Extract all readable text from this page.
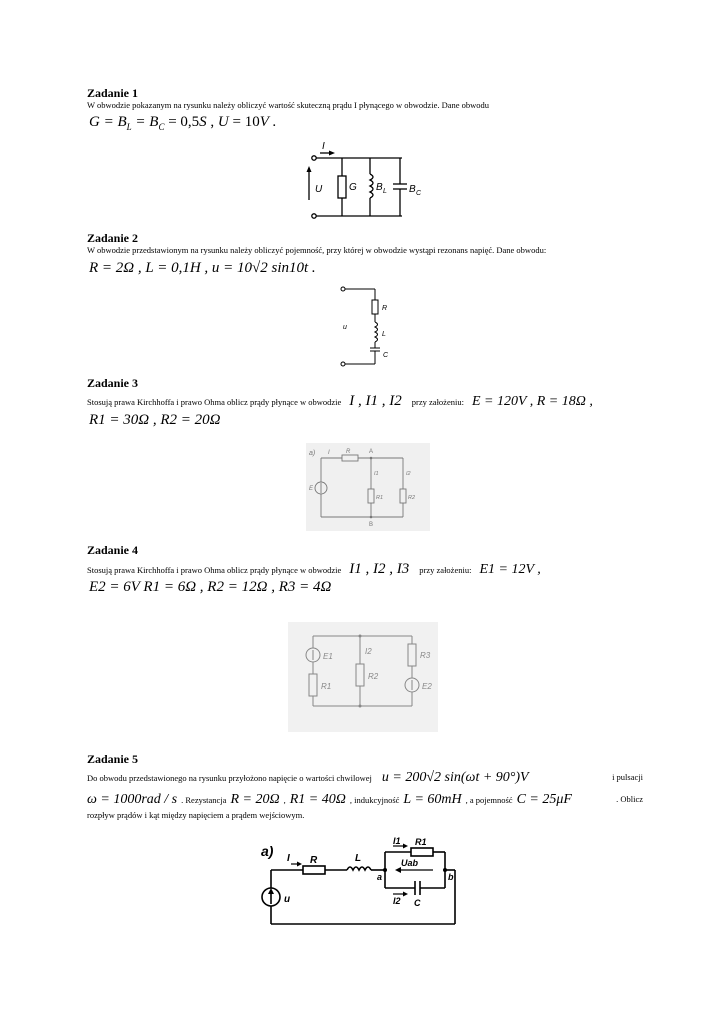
Zadanie 1
W obwodzie pokazanym na rysunku należy obliczyć wartość skuteczną prądu I płynącego w obwodzie. Dane obwodu
$G = B_L = B_C = 0,5S$ , U = 10V .
I
U	G B L B C
Zadanie 2
W obwodzie przedstawionym na rysunku należy obliczyć pojemność, przy której w obwodzie wystąpi rezonans napięć. Dane obwodu:
R = 2Ω , L = 0,1H , u = 10√2 sin10t .
R
L
C
u
Zadanie 3
Stosują prawa Kirchhoffa i prawo Ohma oblicz prądy płynące w obwodzie I , I1 , I2 przy założeniu: E = 120V , R = 18Ω ,
R1 = 30Ω , R2 = 20Ω
a) I	R	A
B
E
I1	I2
R1	R2
Zadanie 4
Stosują prawa Kirchhoffa i prawo Ohma oblicz prądy płynące w obwodzie I1 , I2 , I3 przy założeniu: E1 = 12V ,
E2 = 6V R1 = 6Ω , R2 = 12Ω , R3 = 4Ω
E1
E2
I2
R1
R2
R3
Zadanie 5
Do obwodu przedstawionego na rysunku przyłożono napięcie o wartości chwilowej u = 200√2 sin(ωt + 90°)V	i pulsacji
ω = 1000rad / s . Rezystancja R = 20Ω , R1 = 40Ω , indukcyjność L = 60mH , a pojemność C = 25μF	. Oblicz
rozpływ prądów i kąt między napięciem a prądem wejściowym.
a) I R	L
u
I1 R1
Uab
I2 C
a	b
